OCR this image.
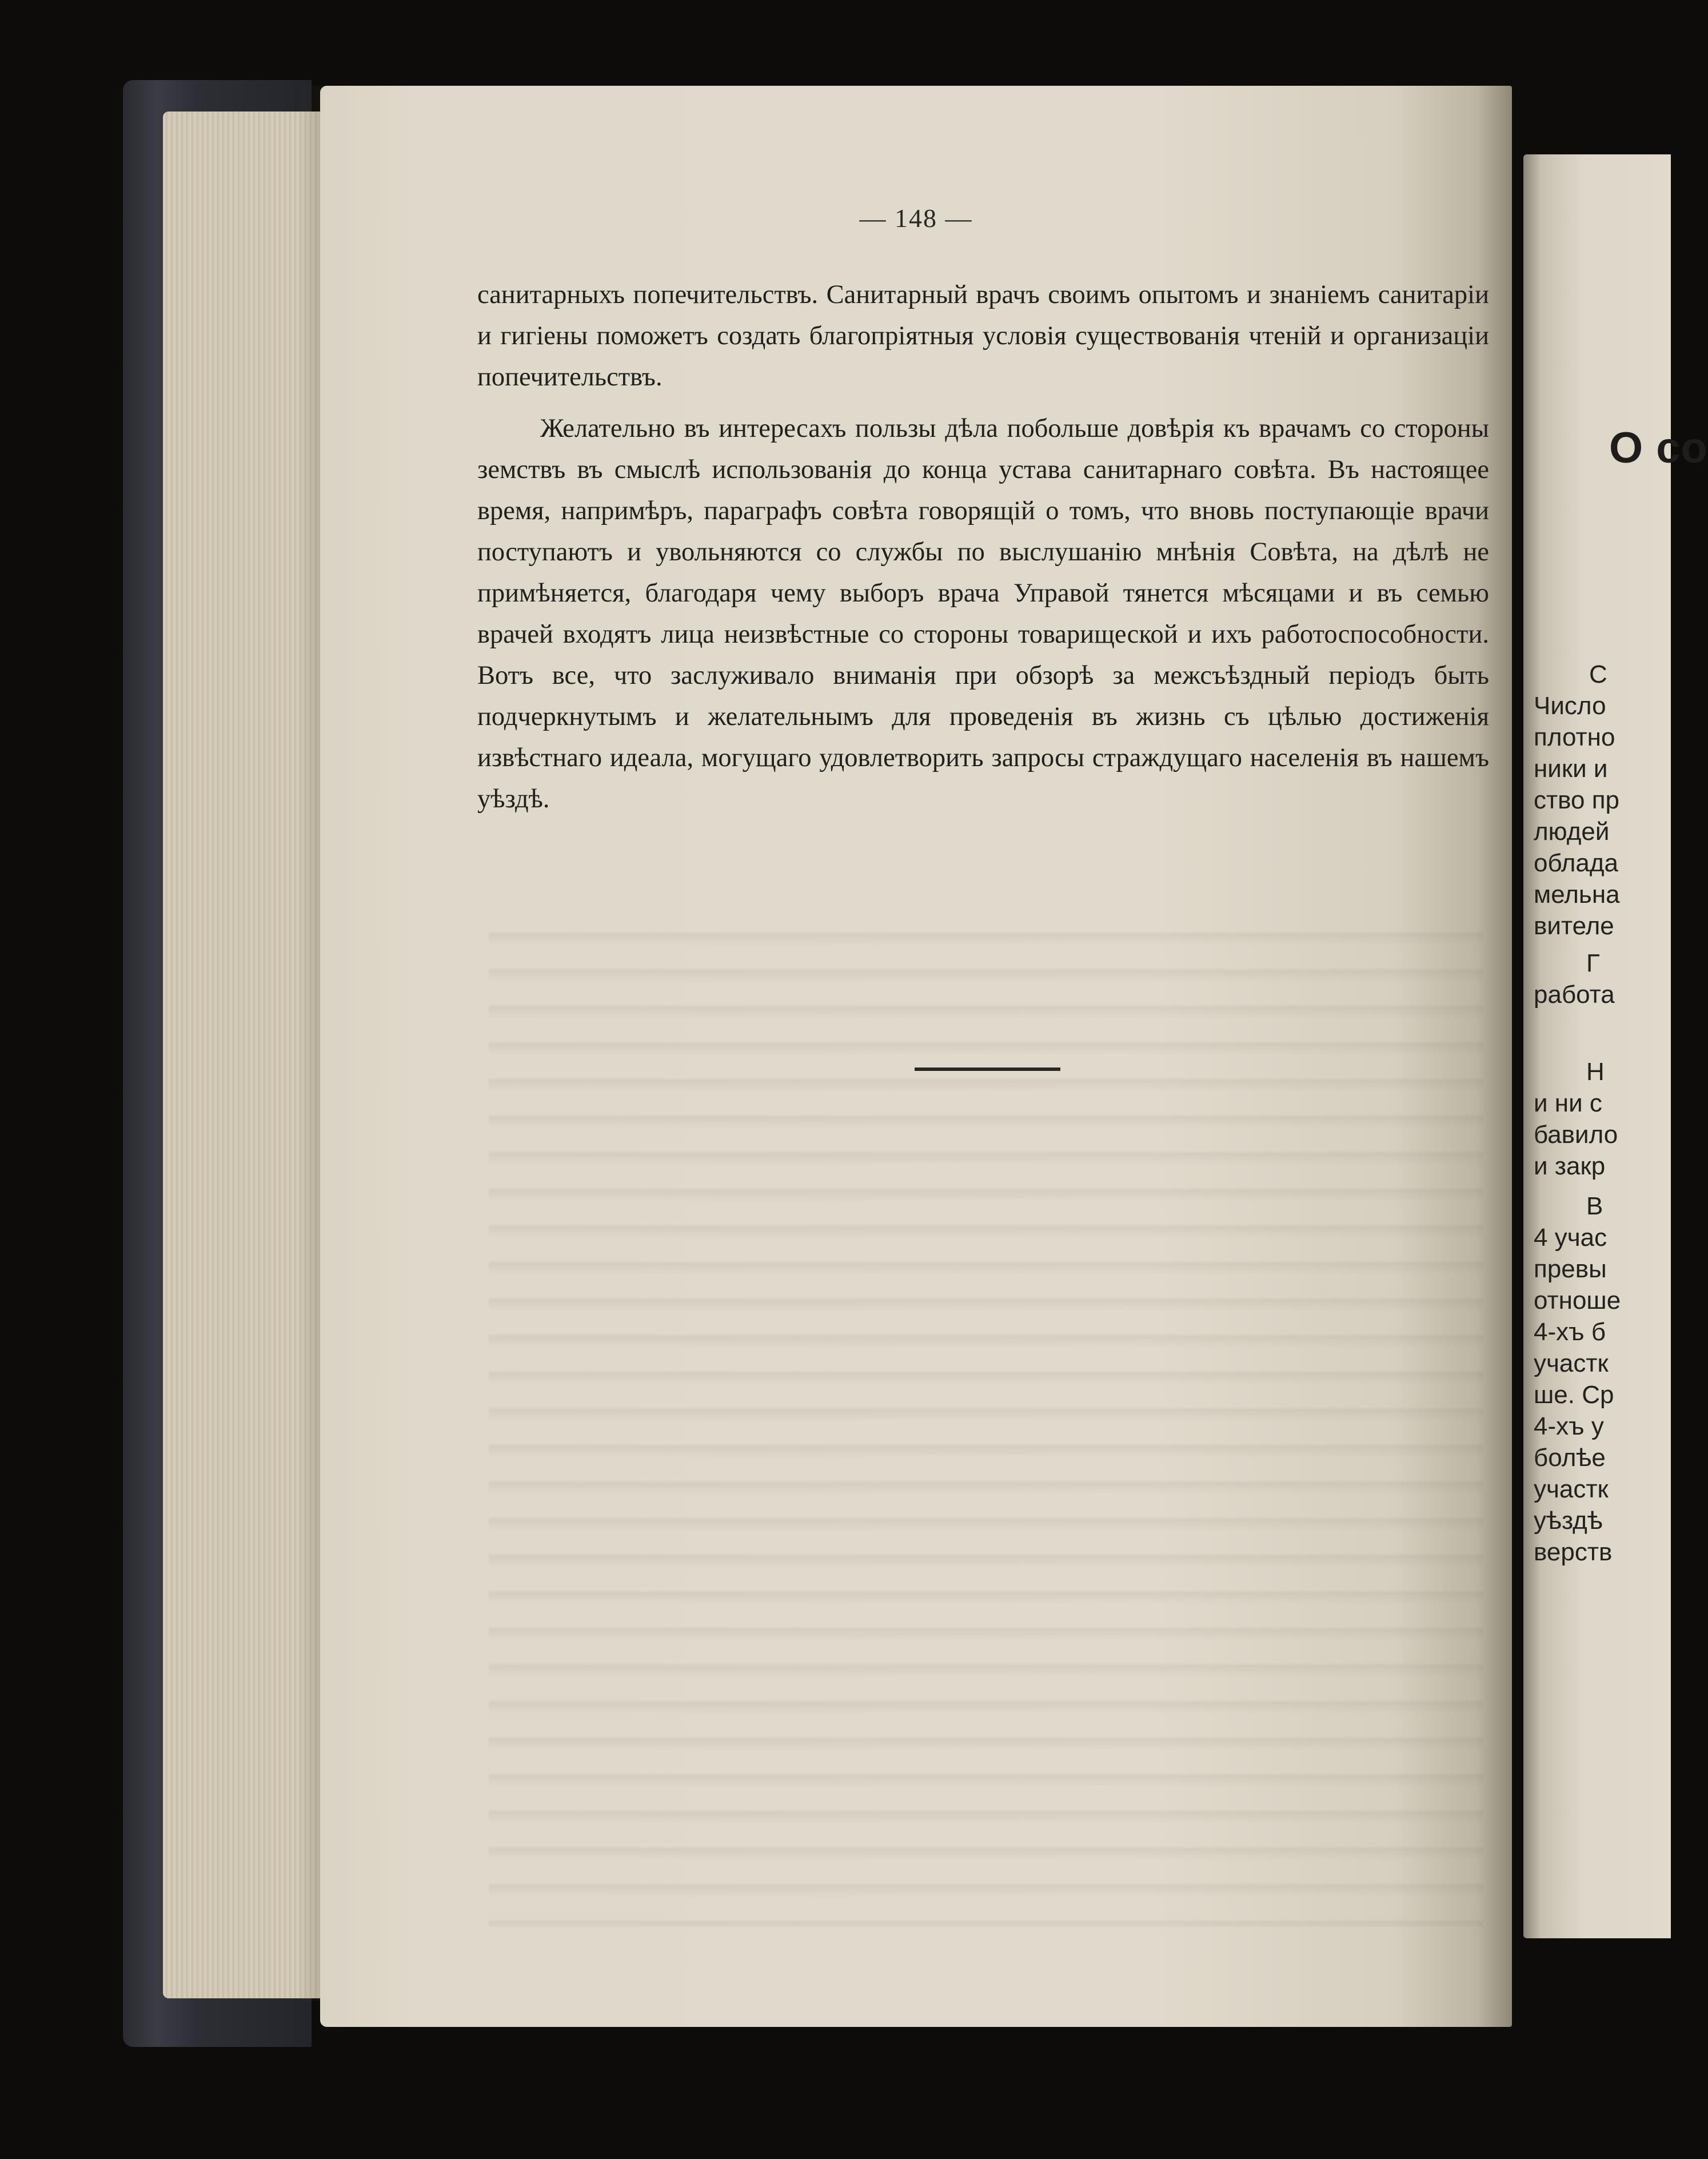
— 148 —

санитарныхъ попечительствъ. Санитарный врачъ своимъ опытомъ и знаніемъ санитаріи и гигіены поможетъ создать благопріятныя условія существованія чтеній и организаціи попечительствъ.

Желательно въ интересахъ пользы дѣла побольше довѣрія къ врачамъ со стороны земствъ въ смыслѣ использованія до конца устава санитарнаго совѣта. Въ настоящее время, напримѣръ, параграфъ совѣта говорящій о томъ, что вновь поступающіе врачи поступаютъ и увольняются со службы по выслушанію мнѣнія Совѣта, на дѣлѣ не примѣняется, благодаря чему выборъ врача Управой тянется мѣсяцами и въ семью врачей входятъ лица неизвѣстные со стороны товарищеской и ихъ работоспособности. Вотъ все, что заслуживало вниманія при обзорѣ за межсъѣздный періодъ быть подчеркнутымъ и желательнымъ для проведенія въ жизнь съ цѣлью достиженія извѣстнаго идеала, могущаго удовлетворить запросы страждущаго населенія въ нашемъ уѣздѣ.

О со
С
Число
плотно
ники и
ство пр
людей
облада
мельна
вителе
Г
работа
Н
и ни с
бавило
и закр
В
4 учас
превы
отноше
4-хъ б
участк
ше. Ср
4-хъ у
болѣе
участк
уѣздѣ
верств
